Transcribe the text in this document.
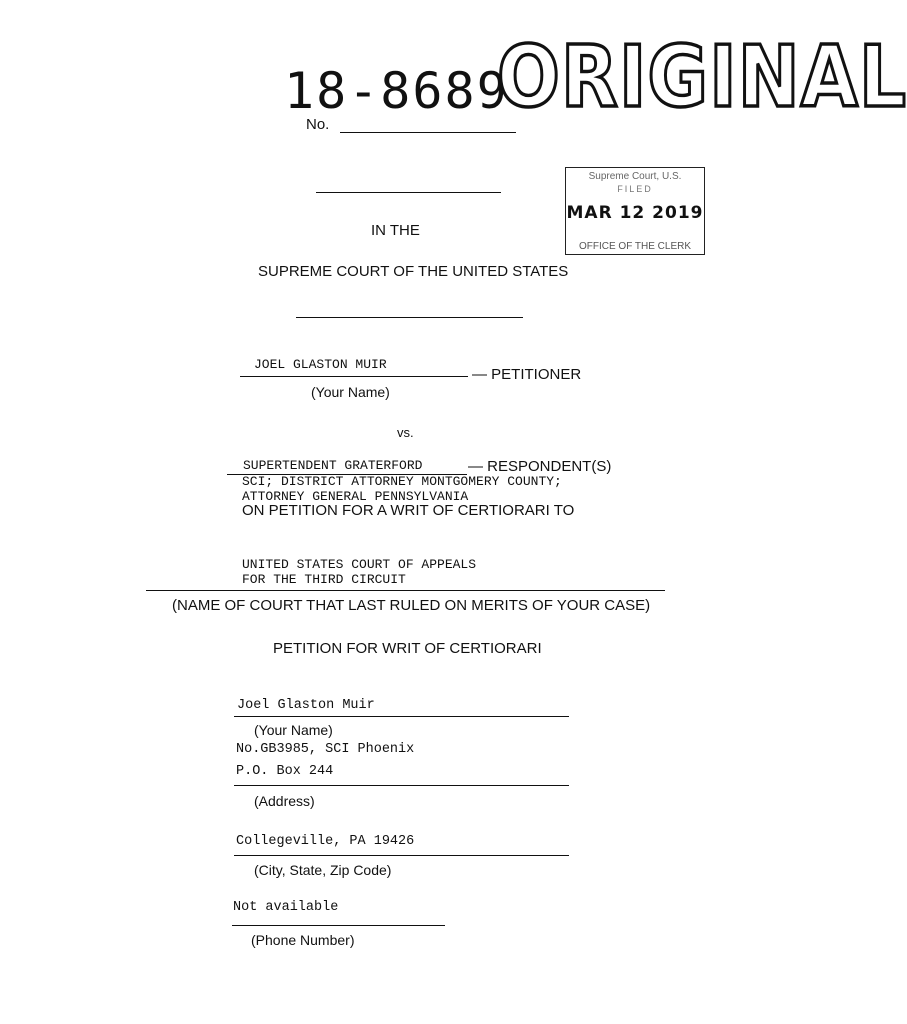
18-8689
No. ORIGINAL
Supreme Court, U.S.
FILED
MAR 12 2019
OFFICE OF THE CLERK
IN THE
SUPREME COURT OF THE UNITED STATES
JOEL GLASTON MUIR
— PETITIONER
(Your Name)
vs.
SUPERTENDENT GRATERFORD	— RESPONDENT(S)
SCI; DISTRICT ATTORNEY MONTGOMERY COUNTY;
ATTORNEY GENERAL PENNSYLVANIA
ON PETITION FOR A WRIT OF CERTIORARI TO
UNITED STATES COURT OF APPEALS
FOR THE THIRD CIRCUIT
(NAME OF COURT THAT LAST RULED ON MERITS OF YOUR CASE)
PETITION FOR WRIT OF CERTIORARI
Joel Glaston Muir
(Your Name)
No.GB3985, SCI Phoenix
P.O. Box 244
(Address)
Collegeville, PA 19426
(City, State, Zip Code)
Not available
(Phone Number)
